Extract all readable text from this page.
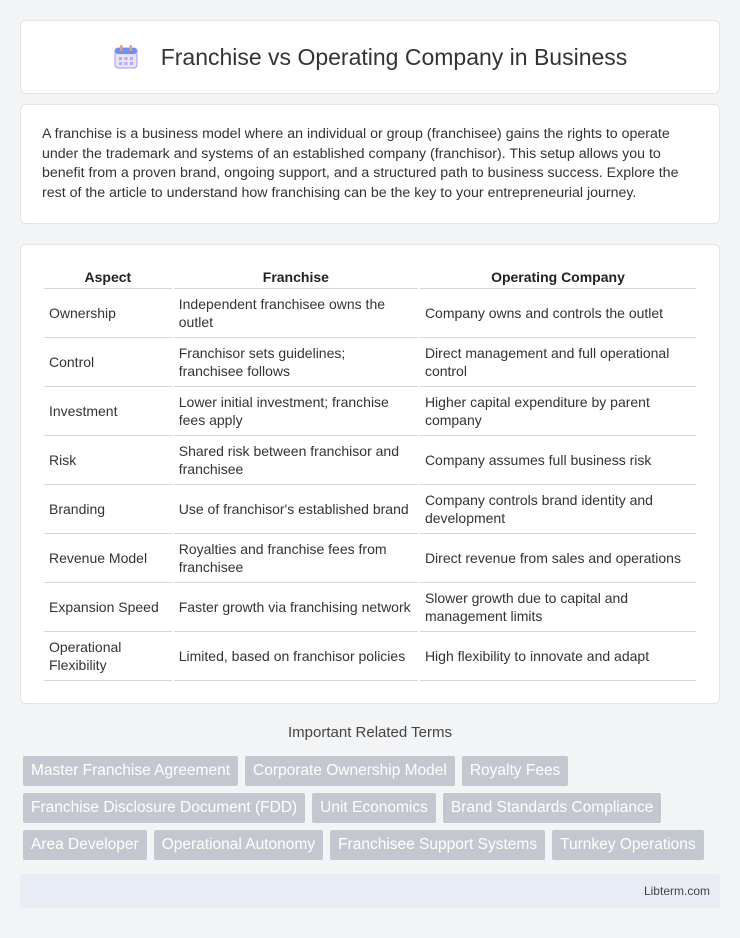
Franchise vs Operating Company in Business

A franchise is a business model where an individual or group (franchisee) gains the rights to operate under the trademark and systems of an established company (franchisor). This setup allows you to benefit from a proven brand, ongoing support, and a structured path to business success. Explore the rest of the article to understand how franchising can be the key to your entrepreneurial journey.

Aspect	Franchise	Operating Company
Ownership	Independent franchisee owns the outlet	Company owns and controls the outlet
Control	Franchisor sets guidelines; franchisee follows	Direct management and full operational control
Investment	Lower initial investment; franchise fees apply	Higher capital expenditure by parent company
Risk	Shared risk between franchisor and franchisee	Company assumes full business risk
Branding	Use of franchisor's established brand	Company controls brand identity and development
Revenue Model	Royalties and franchise fees from franchisee	Direct revenue from sales and operations
Expansion Speed	Faster growth via franchising network	Slower growth due to capital and management limits
Operational Flexibility	Limited, based on franchisor policies	High flexibility to innovate and adapt
Important Related Terms
Master Franchise Agreement	Corporate Ownership Model	Royalty Fees
Franchise Disclosure Document (FDD)	Unit Economics	Brand Standards Compliance
Area Developer	Operational Autonomy	Franchisee Support Systems	Turnkey Operations
Libterm.com
